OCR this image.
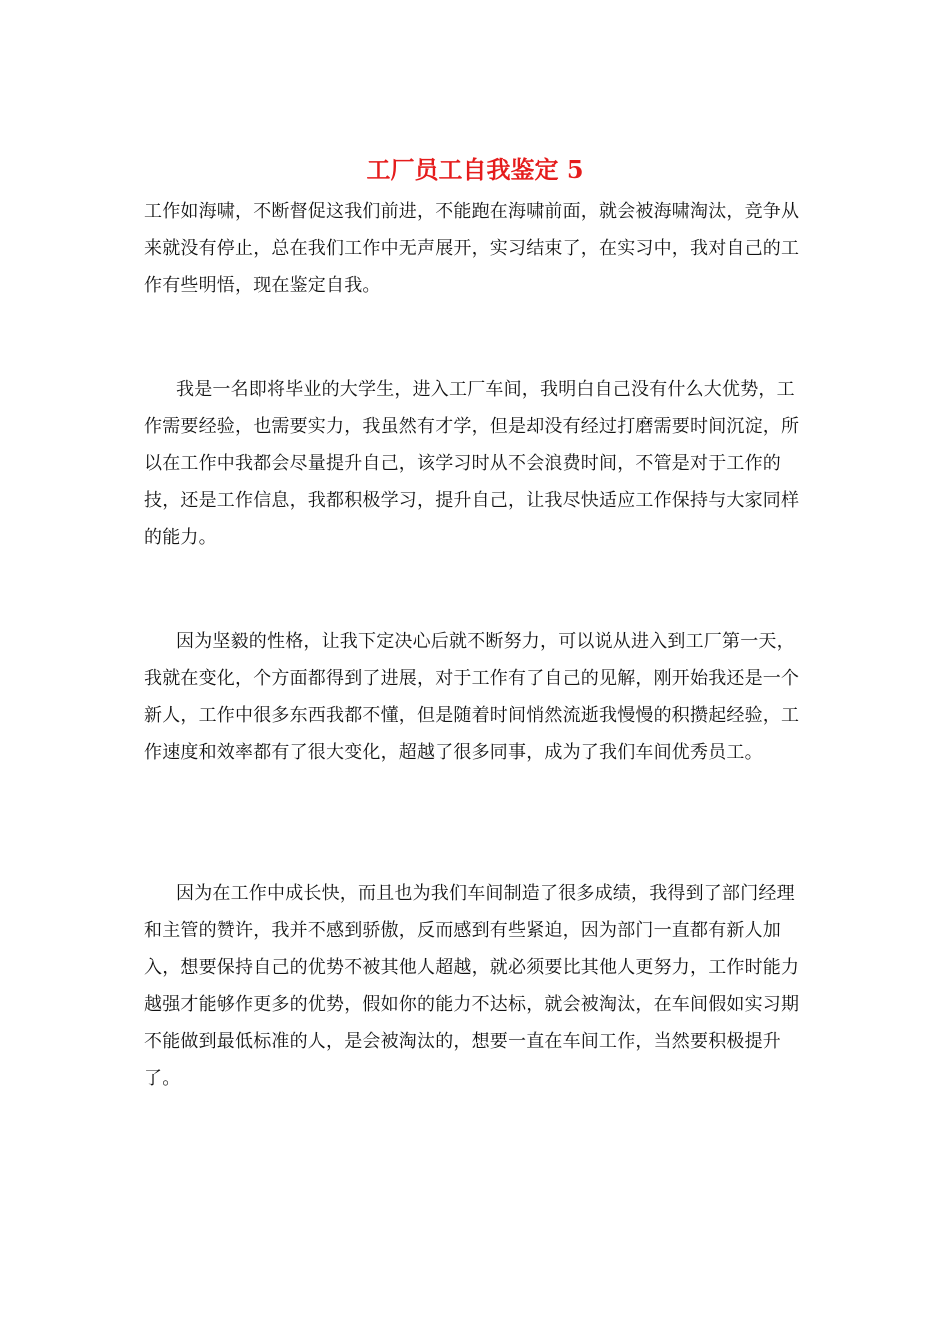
工厂员工自我鉴定 5

工作如海啸，不断督促这我们前进，不能跑在海啸前面，就会被海啸淘汰，竞争从来就没有停止，总在我们工作中无声展开，实习结束了，在实习中，我对自己的工作有些明悟，现在鉴定自我。

我是一名即将毕业的大学生，进入工厂车间，我明白自己没有什么大优势，工作需要经验，也需要实力，我虽然有才学，但是却没有经过打磨需要时间沉淀，所以在工作中我都会尽量提升自己，该学习时从不会浪费时间，不管是对于工作的技，还是工作信息，我都积极学习，提升自己，让我尽快适应工作保持与大家同样的能力。

因为坚毅的性格，让我下定决心后就不断努力，可以说从进入到工厂第一天，我就在变化，个方面都得到了进展，对于工作有了自己的见解，刚开始我还是一个新人，工作中很多东西我都不懂，但是随着时间悄然流逝我慢慢的积攒起经验，工作速度和效率都有了很大变化，超越了很多同事，成为了我们车间优秀员工。

因为在工作中成长快，而且也为我们车间制造了很多成绩，我得到了部门经理和主管的赞许，我并不感到骄傲，反而感到有些紧迫，因为部门一直都有新人加入，想要保持自己的优势不被其他人超越，就必须要比其他人更努力，工作时能力越强才能够作更多的优势，假如你的能力不达标，就会被淘汰，在车间假如实习期不能做到最低标准的人，是会被淘汰的，想要一直在车间工作，当然要积极提升了。
